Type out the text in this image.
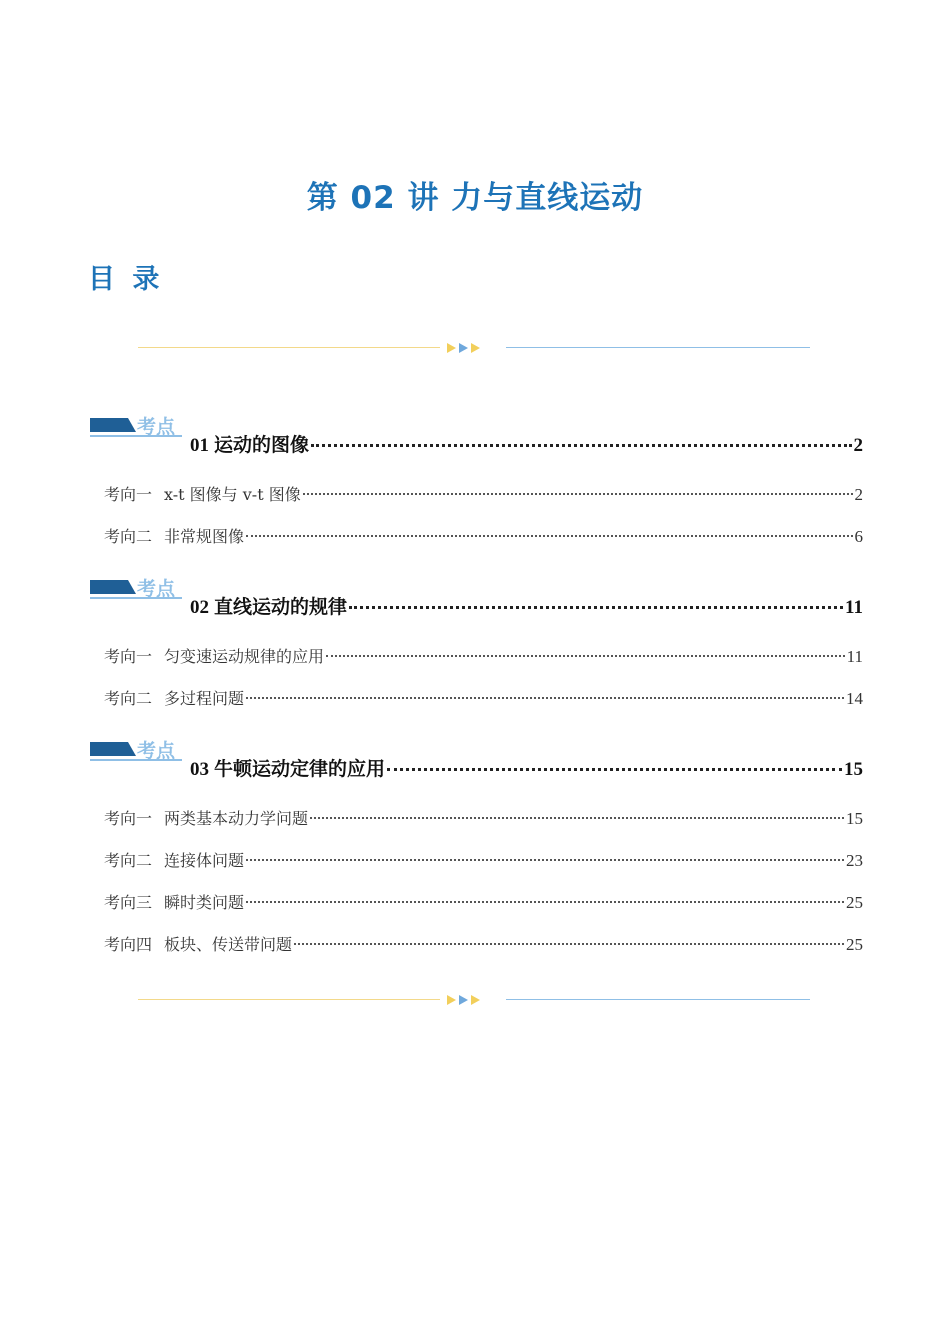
第 02 讲 力与直线运动
目 录
考点
01 运动的图像	2
考向一 x-t 图像与 v-t 图像	2
考向二 非常规图像	6
考点
02 直线运动的规律	11
考向一 匀变速运动规律的应用	11
考向二 多过程问题	14
考点
03 牛顿运动定律的应用	15
考向一 两类基本动力学问题	15
考向二 连接体问题	23
考向三 瞬时类问题	25
考向四 板块、传送带问题	25
